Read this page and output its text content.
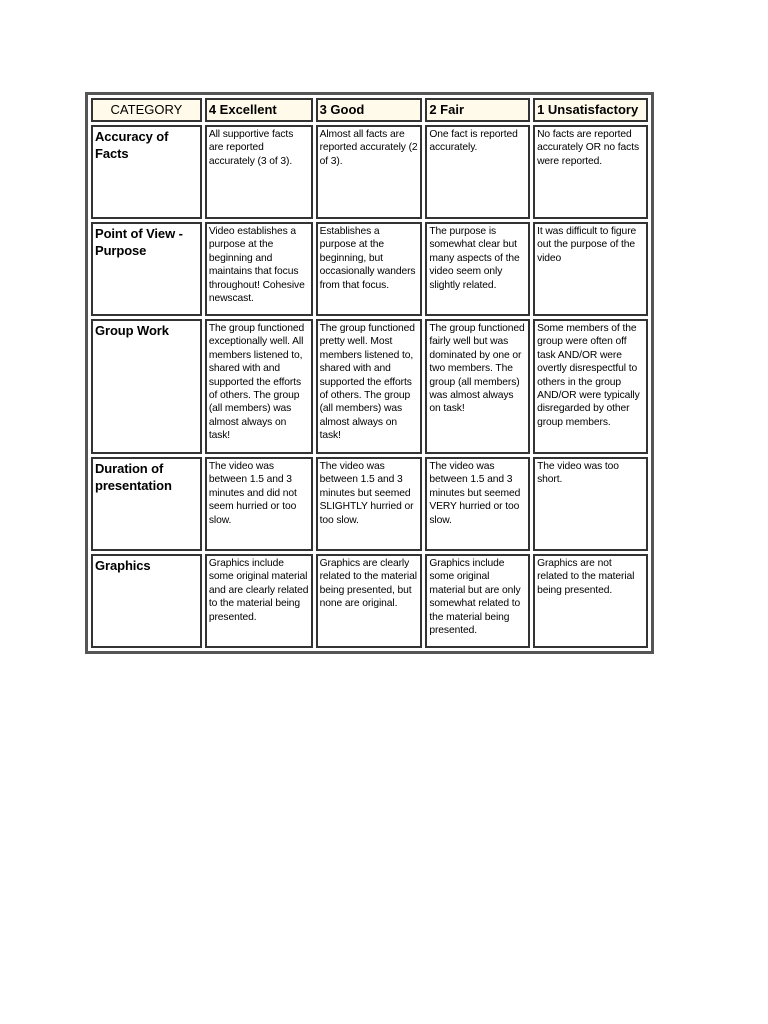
CATEGORY	4 Excellent	3 Good	2 Fair	1 Unsatisfactory
Accuracy of Facts	All supportive facts are reported accurately (3 of 3).	Almost all facts are reported accurately (2 of 3).	One fact is reported accurately.	No facts are reported accurately OR no facts were reported.
Point of View - Purpose	Video establishes a purpose at the beginning and maintains that focus throughout! Cohesive newscast.	Establishes a purpose at the beginning, but occasionally wanders from that focus.	The purpose is somewhat clear but many aspects of the video seem only slightly related.	It was difficult to figure out the purpose of the video
Group Work	The group functioned exceptionally well. All members listened to, shared with and supported the efforts of others. The group (all members) was almost always on task!	The group functioned pretty well. Most members listened to, shared with and supported the efforts of others. The group (all members) was almost always on task!	The group functioned fairly well but was dominated by one or two members. The group (all members) was almost always on task!	Some members of the group were often off task AND/OR were overtly disrespectful to others in the group AND/OR were typically disregarded by other group members.
Duration of presentation	The video was between 1.5 and 3 minutes and did not seem hurried or too slow.	The video was between 1.5 and 3 minutes but seemed SLIGHTLY hurried or too slow.	The video was between 1.5 and 3 minutes but seemed VERY hurried or too slow.	The video was too short.
Graphics	Graphics include some original material and are clearly related to the material being presented.	Graphics are clearly related to the material being presented, but none are original.	Graphics include some original material but are only somewhat related to the material being presented.	Graphics are not related to the material being presented.
